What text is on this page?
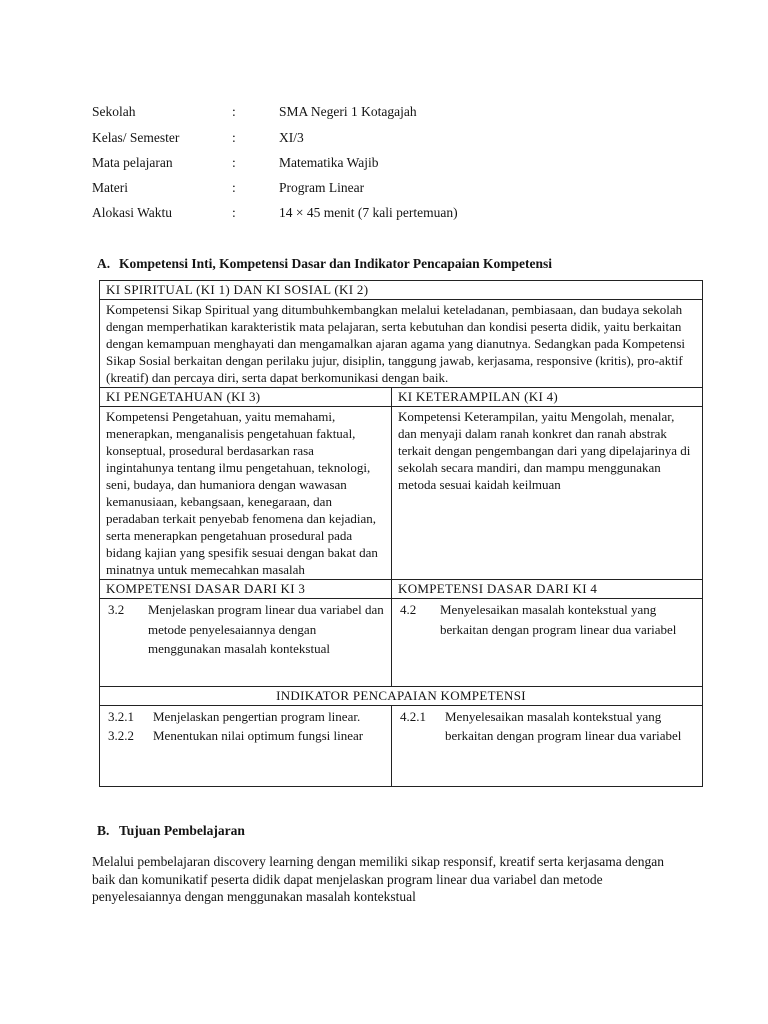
Sekolah	:	SMA Negeri 1 Kotagajah
Kelas/ Semester	:	XI/3
Mata pelajaran	:	Matematika Wajib
Materi	:	Program Linear
Alokasi Waktu	:	14 × 45 menit (7 kali pertemuan)
A. Kompetensi Inti, Kompetensi Dasar dan Indikator Pencapaian Kompetensi
KI SPIRITUAL (KI 1) DAN KI SOSIAL (KI 2)
Kompetensi Sikap Spiritual yang ditumbuhkembangkan melalui keteladanan, pembiasaan, dan budaya sekolah dengan memperhatikan karakteristik mata pelajaran, serta kebutuhan dan kondisi peserta didik, yaitu berkaitan dengan kemampuan menghayati dan mengamalkan ajaran agama yang dianutnya. Sedangkan pada Kompetensi Sikap Sosial berkaitan dengan perilaku jujur, disiplin, tanggung jawab, kerjasama, responsive (kritis), pro-aktif (kreatif) dan percaya diri, serta dapat berkomunikasi dengan baik.
KI PENGETAHUAN (KI 3)	KI KETERAMPILAN (KI 4)
Kompetensi Pengetahuan, yaitu memahami, menerapkan, menganalisis pengetahuan faktual, konseptual, prosedural berdasarkan rasa ingintahunya tentang ilmu pengetahuan, teknologi, seni, budaya, dan humaniora dengan wawasan kemanusiaan, kebangsaan, kenegaraan, dan peradaban terkait penyebab fenomena dan kejadian, serta menerapkan pengetahuan prosedural pada bidang kajian yang spesifik sesuai dengan bakat dan minatnya untuk memecahkan masalah
Kompetensi Keterampilan, yaitu Mengolah, menalar, dan menyaji dalam ranah konkret dan ranah abstrak terkait dengan pengembangan dari yang dipelajarinya di sekolah secara mandiri, dan mampu menggunakan metoda sesuai kaidah keilmuan
KOMPETENSI DASAR DARI KI 3	KOMPETENSI DASAR DARI KI 4
3.2	Menjelaskan program linear dua variabel dan metode penyelesaiannya dengan menggunakan masalah kontekstual
4.2	Menyelesaikan masalah kontekstual yang berkaitan dengan program linear dua variabel
INDIKATOR PENCAPAIAN KOMPETENSI
3.2.1	Menjelaskan pengertian program linear.
3.2.2	Menentukan nilai optimum fungsi linear
4.2.1	Menyelesaikan masalah kontekstual yang berkaitan dengan program linear dua variabel
B. Tujuan Pembelajaran
Melalui pembelajaran discovery learning dengan memiliki sikap responsif, kreatif serta kerjasama dengan baik dan komunikatif peserta didik dapat menjelaskan program linear dua variabel dan metode penyelesaiannya dengan menggunakan masalah kontekstual
